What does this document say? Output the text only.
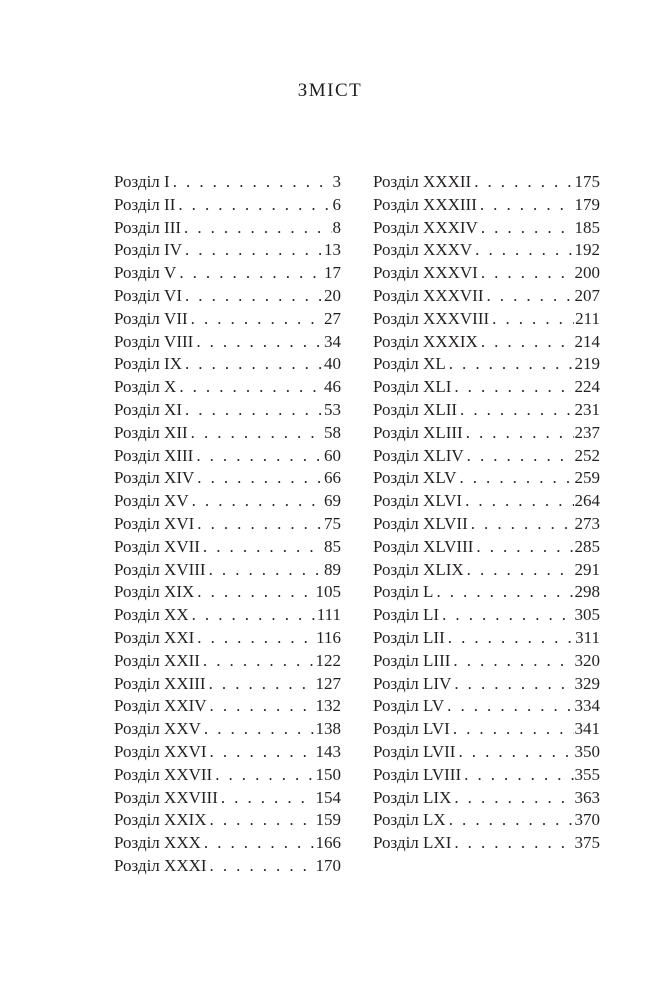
ЗМІСТ
Розділ I . . .	3
Розділ II . . .	6
Розділ III . . .	8
Розділ IV . . .	13
Розділ V . . .	17
Розділ VI . . .	20
Розділ VII . . .	27
Розділ VIII . . .	34
Розділ IX . . .	40
Розділ X . . .	46
Розділ XI . . .	53
Розділ XII . . .	58
Розділ XIII . . .	60
Розділ XIV . . .	66
Розділ XV . . .	69
Розділ XVI . . .	75
Розділ XVII . . .	85
Розділ XVIII . . .	89
Розділ XIX . . .	105
Розділ XX . . .	111
Розділ XXI . . .	116
Розділ XXII . . .	122
Розділ XXIII . . .	127
Розділ XXIV . . .	132
Розділ XXV . . .	138
Розділ XXVI . . .	143
Розділ XXVII . . .	150
Розділ XXVIII . . .	154
Розділ XXIX . . .	159
Розділ XXX . . .	166
Розділ XXXI . . .	170
Розділ XXXII . . .	175
Розділ XXXIII . . .	179
Розділ XXXIV . . .	185
Розділ XXXV . . .	192
Розділ XXXVI . . .	200
Розділ XXXVII . . .	207
Розділ XXXVIII . . .	211
Розділ XXXIX . . .	214
Розділ XL . . .	219
Розділ XLI . . .	224
Розділ XLII . . .	231
Розділ XLIII . . .	237
Розділ XLIV . . .	252
Розділ XLV . . .	259
Розділ XLVI . . .	264
Розділ XLVII . . .	273
Розділ XLVIII . . .	285
Розділ XLIX . . .	291
Розділ L . . .	298
Розділ LI . . .	305
Розділ LII . . .	311
Розділ LIII . . .	320
Розділ LIV . . .	329
Розділ LV . . .	334
Розділ LVI . . .	341
Розділ LVII . . .	350
Розділ LVIII . . .	355
Розділ LIX . . .	363
Розділ LX . . .	370
Розділ LXI . . .	375
